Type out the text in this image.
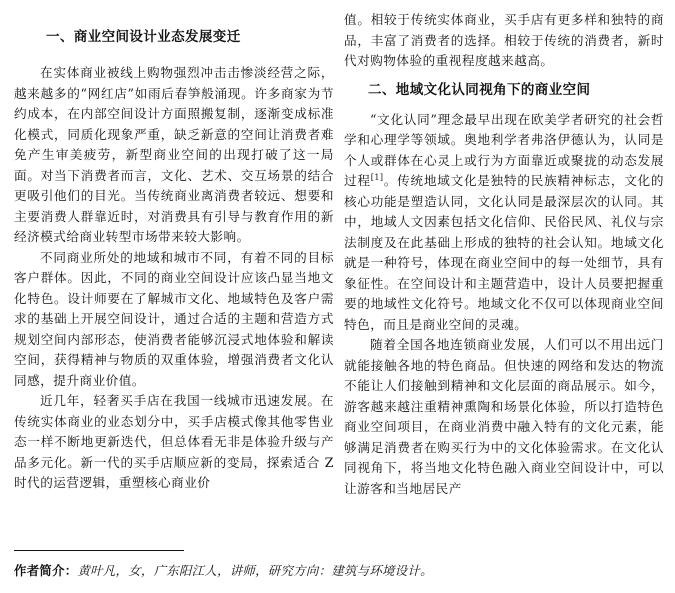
一、商业空间设计业态发展变迁

在实体商业被线上购物强烈冲击击惨淡经营之际，越来越多的“网红店”如雨后春笋般涌现。许多商家为节约成本，在内部空间设计方面照搬复制，逐渐变成标准化模式，同质化现象严重，缺乏新意的空间让消费者难免产生审美疲劳，新型商业空间的出现打破了这一局面。对当下消费者而言，文化、艺术、交互场景的结合更吸引他们的目光。当传统商业离消费者较远、想要和主要消费人群靠近时，对消费具有引导与教育作用的新经济模式给商业转型市场带来较大影响。

不同商业所处的地域和城市不同，有着不同的目标客户群体。因此，不同的商业空间设计应该凸显当地文化特色。设计师要在了解城市文化、地域特色及客户需求的基础上开展空间设计，通过合适的主题和营造方式规划空间内部形态，使消费者能够沉浸式地体验和解读空间，获得精神与物质的双重体验，增强消费者文化认同感，提升商业价值。

近几年，轻奢买手店在我国一线城市迅速发展。在传统实体商业的业态划分中，买手店模式像其他零售业态一样不断地更新迭代，但总体看无非是体验升级与产品多元化。新一代的买手店顺应新的变局，探索适合 Z 时代的运营逻辑，重塑核心商业价

值。相较于传统实体商业，买手店有更多样和独特的商品，丰富了消费者的选择。相较于传统的消费者，新时代对购物体验的重视程度越来越高。

二、地域文化认同视角下的商业空间

“文化认同”理念最早出现在欧美学者研究的社会哲学和心理学等领域。奥地利学者弗洛伊德认为，认同是个人或群体在心灵上或行为方面靠近或聚拢的动态发展过程[1]。传统地域文化是独特的民族精神标志，文化的核心功能是塑造认同，文化认同是最深层次的认同。其中，地域人文因素包括文化信仰、民俗民风、礼仪与宗法制度及在此基础上形成的独特的社会认知。地域文化就是一种符号，体现在商业空间中的每一处细节，具有象征性。在空间设计和主题营造中，设计人员要把握重要的地域性文化符号。地域文化不仅可以体现商业空间特色，而且是商业空间的灵魂。

随着全国各地连锁商业发展，人们可以不用出远门就能接触各地的特色商品。但快速的网络和发达的物流不能让人们接触到精神和文化层面的商品展示。如今，游客越来越注重精神熏陶和场景化体验，所以打造特色商业空间项目，在商业消费中融入特有的文化元素，能够满足消费者在购买行为中的文化体验需求。在文化认同视角下，将当地文化特色融入商业空间设计中，可以让游客和当地居民产

作者简介：黄叶凡，女，广东阳江人，讲师，研究方向：建筑与环境设计。
